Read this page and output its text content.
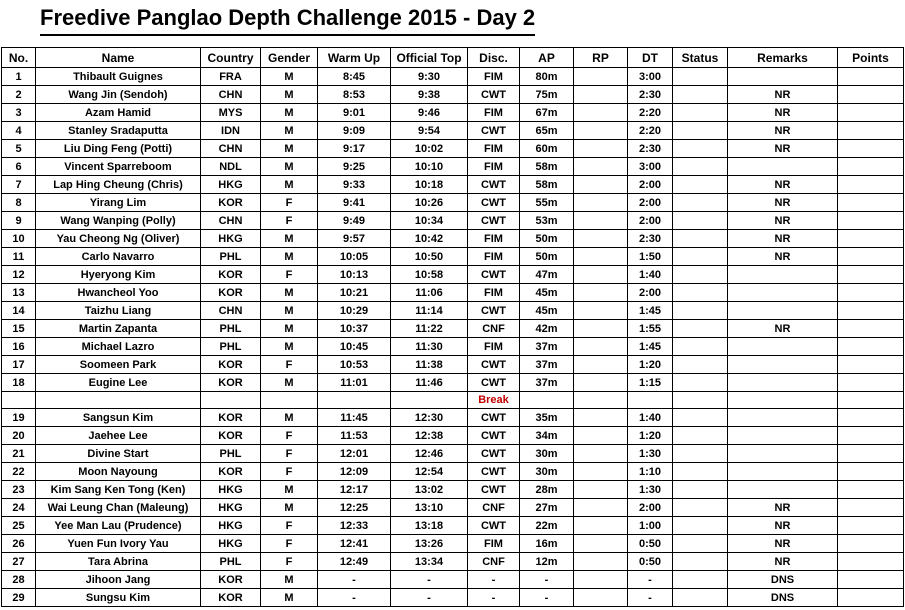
Freedive Panglao Depth Challenge 2015 - Day 2
No.	Name	Country	Gender	Warm Up	Official Top	Disc.	AP	RP	DT	Status	Remarks	Points
1	Thibault Guignes	FRA	M	8:45	9:30	FIM	80m		3:00			
2	Wang Jin (Sendoh)	CHN	M	8:53	9:38	CWT	75m		2:30		NR	
3	Azam Hamid	MYS	M	9:01	9:46	FIM	67m		2:20		NR	
4	Stanley Sradaputta	IDN	M	9:09	9:54	CWT	65m		2:20		NR	
5	Liu Ding Feng (Potti)	CHN	M	9:17	10:02	FIM	60m		2:30		NR	
6	Vincent Sparreboom	NDL	M	9:25	10:10	FIM	58m		3:00			
7	Lap Hing Cheung (Chris)	HKG	M	9:33	10:18	CWT	58m		2:00		NR	
8	Yirang Lim	KOR	F	9:41	10:26	CWT	55m		2:00		NR	
9	Wang Wanping (Polly)	CHN	F	9:49	10:34	CWT	53m		2:00		NR	
10	Yau Cheong Ng (Oliver)	HKG	M	9:57	10:42	FIM	50m		2:30		NR	
11	Carlo Navarro	PHL	M	10:05	10:50	FIM	50m		1:50		NR	
12	Hyeryong Kim	KOR	F	10:13	10:58	CWT	47m		1:40			
13	Hwancheol Yoo	KOR	M	10:21	11:06	FIM	45m		2:00			
14	Taizhu Liang	CHN	M	10:29	11:14	CWT	45m		1:45			
15	Martin Zapanta	PHL	M	10:37	11:22	CNF	42m		1:55		NR	
16	Michael Lazro	PHL	M	10:45	11:30	FIM	37m		1:45			
17	Soomeen Park	KOR	F	10:53	11:38	CWT	37m		1:20			
18	Eugine Lee	KOR	M	11:01	11:46	CWT	37m		1:15			
						Break						
19	Sangsun Kim	KOR	M	11:45	12:30	CWT	35m		1:40			
20	Jaehee Lee	KOR	F	11:53	12:38	CWT	34m		1:20			
21	Divine Start	PHL	F	12:01	12:46	CWT	30m		1:30			
22	Moon Nayoung	KOR	F	12:09	12:54	CWT	30m		1:10			
23	Kim Sang Ken Tong (Ken)	HKG	M	12:17	13:02	CWT	28m		1:30			
24	Wai Leung Chan (Maleung)	HKG	M	12:25	13:10	CNF	27m		2:00		NR	
25	Yee Man Lau (Prudence)	HKG	F	12:33	13:18	CWT	22m		1:00		NR	
26	Yuen Fun Ivory Yau	HKG	F	12:41	13:26	FIM	16m		0:50		NR	
27	Tara Abrina	PHL	F	12:49	13:34	CNF	12m		0:50		NR	
28	Jihoon Jang	KOR	M	-	-	-	-		-		DNS	
29	Sungsu Kim	KOR	M	-	-	-	-		-		DNS	
